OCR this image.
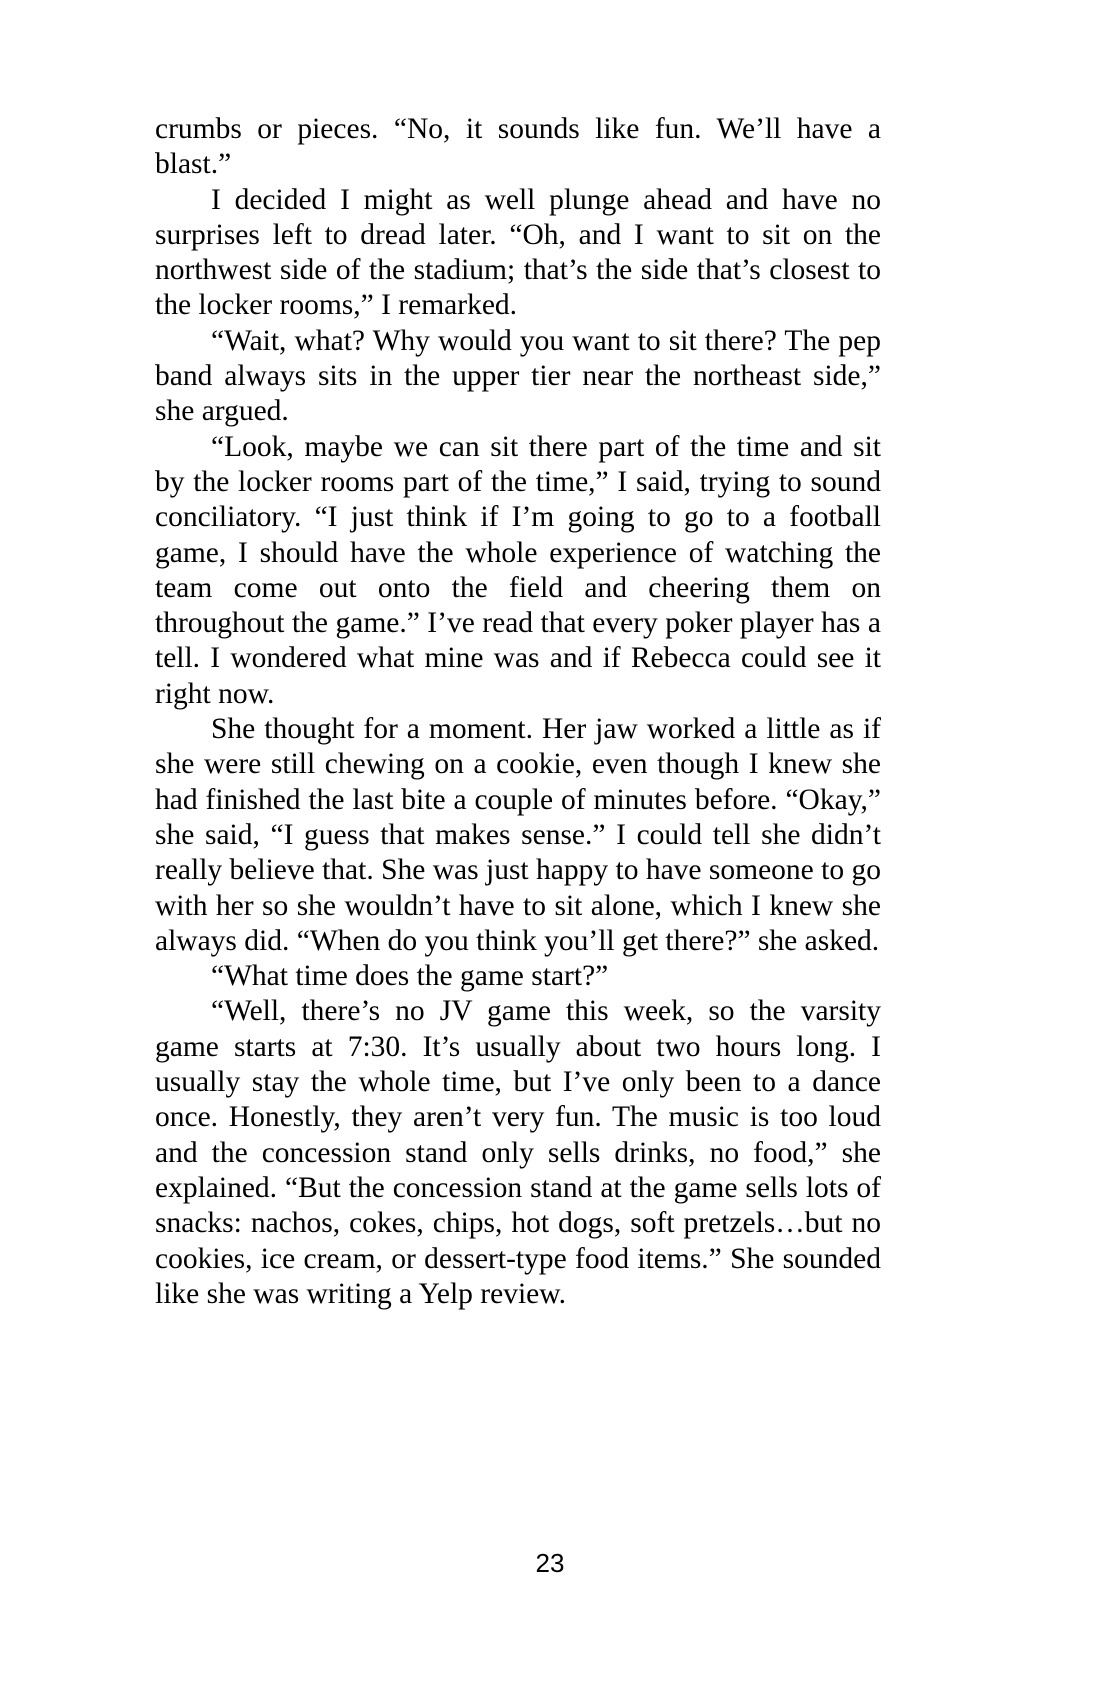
crumbs or pieces. “No, it sounds like fun. We’ll have a blast.”

I decided I might as well plunge ahead and have no surprises left to dread later. “Oh, and I want to sit on the northwest side of the stadium; that’s the side that’s closest to the locker rooms,” I remarked.

“Wait, what? Why would you want to sit there? The pep band always sits in the upper tier near the northeast side,” she argued.

“Look, maybe we can sit there part of the time and sit by the locker rooms part of the time,” I said, trying to sound conciliatory. “I just think if I’m going to go to a football game, I should have the whole experience of watching the team come out onto the field and cheering them on throughout the game.” I’ve read that every poker player has a tell. I wondered what mine was and if Rebecca could see it right now.

She thought for a moment. Her jaw worked a little as if she were still chewing on a cookie, even though I knew she had finished the last bite a couple of minutes before. “Okay,” she said, “I guess that makes sense.” I could tell she didn’t really believe that. She was just happy to have someone to go with her so she wouldn’t have to sit alone, which I knew she always did. “When do you think you’ll get there?” she asked.

“What time does the game start?”

“Well, there’s no JV game this week, so the varsity game starts at 7:30. It’s usually about two hours long. I usually stay the whole time, but I’ve only been to a dance once. Honestly, they aren’t very fun. The music is too loud and the concession stand only sells drinks, no food,” she explained. “But the concession stand at the game sells lots of snacks: nachos, cokes, chips, hot dogs, soft pretzels…but no cookies, ice cream, or dessert-type food items.” She sounded like she was writing a Yelp review.

23
